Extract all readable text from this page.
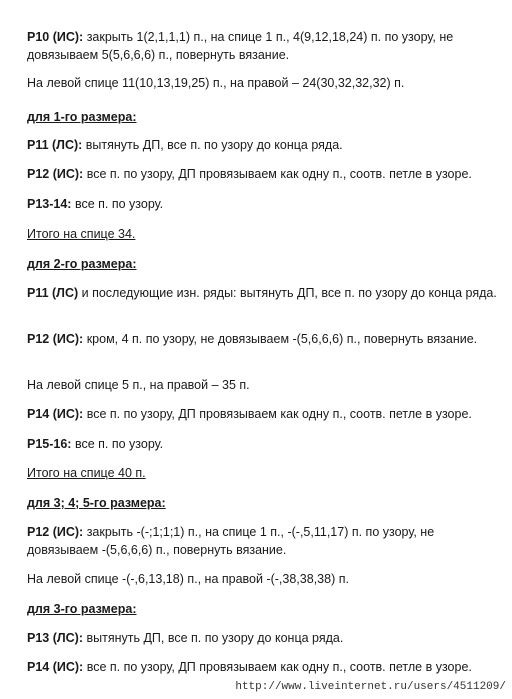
Р10 (ИС): закрыть 1(2,1,1,1) п., на спице 1 п., 4(9,12,18,24) п. по узору, не довязываем 5(5,6,6,6) п., повернуть вязание.
На левой спице 11(10,13,19,25) п., на правой – 24(30,32,32,32) п.
для 1-го размера:
Р11 (ЛС): вытянуть ДП, все п. по узору до конца ряда.
Р12 (ИС): все п. по узору, ДП провязываем как одну п., соотв. петле в узоре.
Р13-14: все п. по узору.
Итого на спице 34.
для 2-го размера:
Р11 (ЛС) и последующие изн. ряды: вытянуть ДП, все п. по узору до конца ряда.
Р12 (ИС): кром, 4 п. по узору, не довязываем -(5,6,6,6) п., повернуть вязание.
На левой спице 5 п., на правой – 35 п.
Р14 (ИС): все п. по узору, ДП провязываем как одну п., соотв. петле в узоре.
Р15-16: все п. по узору.
Итого на спице 40 п.
для 3; 4; 5-го размера:
Р12 (ИС): закрыть -(-;1;1;1) п., на спице 1 п., -(-,5,11,17) п. по узору, не довязываем -(5,6,6,6) п., повернуть вязание.
На левой спице -(-,6,13,18) п., на правой -(-,38,38,38) п.
для 3-го размера:
Р13 (ЛС): вытянуть ДП, все п. по узору до конца ряда.
Р14 (ИС): все п. по узору, ДП провязываем как одну п., соотв. петле в узоре.
http://www.liveinternet.ru/users/4511209/
